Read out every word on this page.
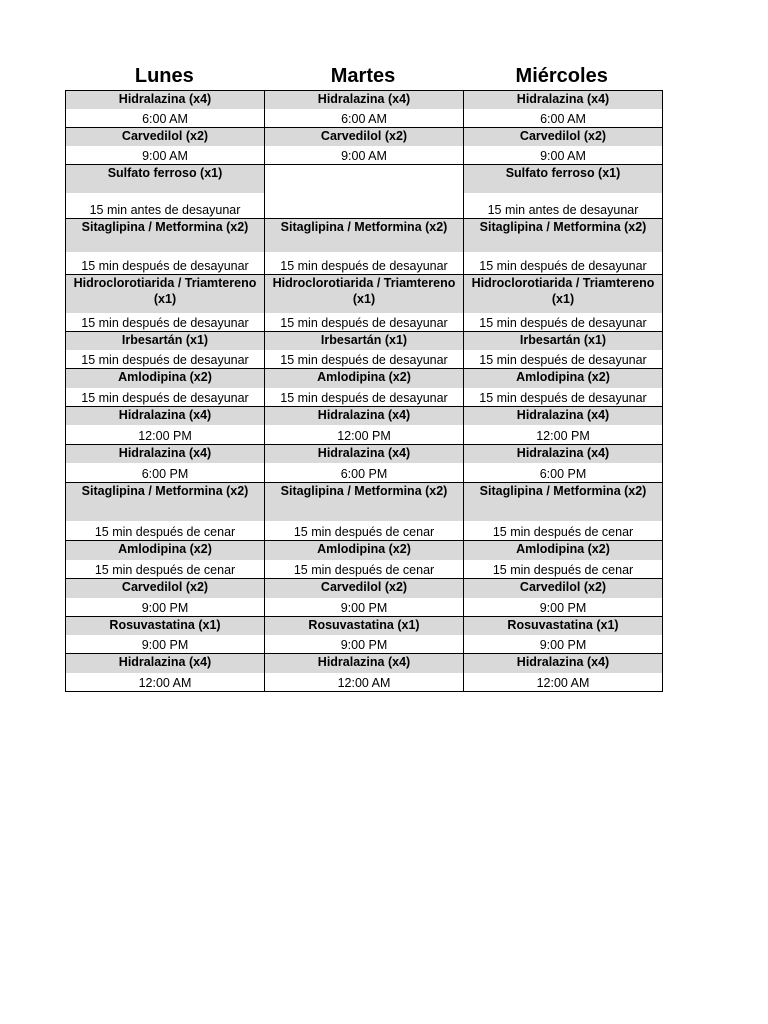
Lunes	Martes	Miércoles
Hidralazina (x4)	Hidralazina (x4)	Hidralazina (x4)

6:00 AM	6:00 AM	6:00 AM

Carvedilol (x2)	Carvedilol (x2)	Carvedilol (x2)

9:00 AM	9:00 AM	9:00 AM

Sulfato ferroso (x1)		Sulfato ferroso (x1)

15 min antes de desayunar		15 min antes de desayunar

Sitaglipina / Metformina (x2)	Sitaglipina / Metformina (x2)	Sitaglipina / Metformina (x2)

15 min después de desayunar	15 min después de desayunar	15 min después de desayunar

Hidroclorotiarida / Triamtereno (x1)	Hidroclorotiarida / Triamtereno (x1)	Hidroclorotiarida / Triamtereno (x1)

15 min después de desayunar	15 min después de desayunar	15 min después de desayunar

Irbesartán (x1)	Irbesartán (x1)	Irbesartán (x1)

15 min después de desayunar	15 min después de desayunar	15 min después de desayunar

Amlodipina (x2)	Amlodipina (x2)	Amlodipina (x2)

15 min después de desayunar	15 min después de desayunar	15 min después de desayunar

Hidralazina (x4)	Hidralazina (x4)	Hidralazina (x4)

12:00 PM	12:00 PM	12:00 PM

Hidralazina (x4)	Hidralazina (x4)	Hidralazina (x4)

6:00 PM	6:00 PM	6:00 PM

Sitaglipina / Metformina (x2)	Sitaglipina / Metformina (x2)	Sitaglipina / Metformina (x2)

15 min después de cenar	15 min después de cenar	15 min después de cenar

Amlodipina (x2)	Amlodipina (x2)	Amlodipina (x2)

15 min después de cenar	15 min después de cenar	15 min después de cenar

Carvedilol (x2)	Carvedilol (x2)	Carvedilol (x2)

9:00 PM	9:00 PM	9:00 PM

Rosuvastatina (x1)	Rosuvastatina (x1)	Rosuvastatina (x1)

9:00 PM	9:00 PM	9:00 PM

Hidralazina (x4)	Hidralazina (x4)	Hidralazina (x4)

12:00 AM	12:00 AM	12:00 AM
